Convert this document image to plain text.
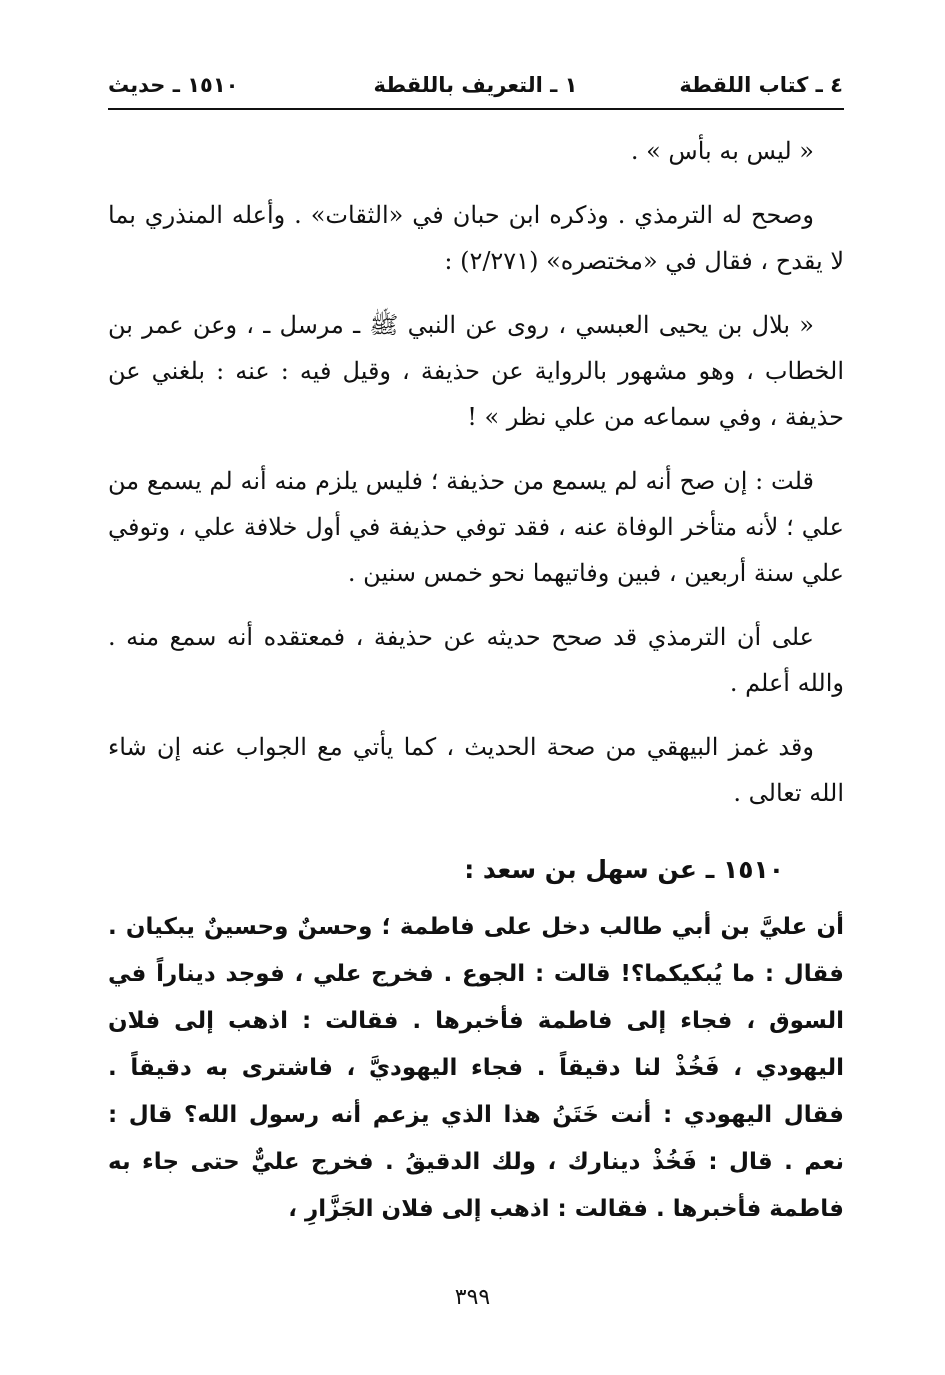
٤ ـ كتاب اللقطة
١ ـ التعريف باللقطة
١٥١٠ ـ حديث

« ليس به بأس » .

وصحح له الترمذي . وذكره ابن حبان في «الثقات» . وأعله المنذري بما لا يقدح ، فقال في «مختصره» (٢/٢٧١) :

« بلال بن يحيى العبسي ، روى عن النبي ﷺ ـ مرسل ـ ، وعن عمر بن الخطاب ، وهو مشهور بالرواية عن حذيفة ، وقيل فيه : عنه : بلغني عن حذيفة ، وفي سماعه من علي نظر » !

قلت : إن صح أنه لم يسمع من حذيفة ؛ فليس يلزم منه أنه لم يسمع من علي ؛ لأنه متأخر الوفاة عنه ، فقد توفي حذيفة في أول خلافة علي ، وتوفي علي سنة أربعين ، فبين وفاتيهما نحو خمس سنين .

على أن الترمذي قد صحح حديثه عن حذيفة ، فمعتقده أنه سمع منه . والله أعلم .

وقد غمز البيهقي من صحة الحديث ، كما يأتي مع الجواب عنه إن شاء الله تعالى .

١٥١٠ ـ عن سهل بن سعد :

أن عليَّ بن أبي طالب دخل على فاطمة ؛ وحسنٌ وحسينٌ يبكيان . فقال : ما يُبكيكما؟! قالت : الجوع . فخرج علي ، فوجد ديناراً في السوق ، فجاء إلى فاطمة فأخبرها . فقالت : اذهب إلى فلان اليهودي ، فَخُذْ لنا دقيقاً . فجاء اليهوديَّ ، فاشترى به دقيقاً . فقال اليهودي : أنت خَتَنُ هذا الذي يزعم أنه رسول الله؟ قال : نعم . قال : فَخُذْ دينارك ، ولك الدقيقُ . فخرج عليٌّ حتى جاء به فاطمة فأخبرها . فقالت : اذهب إلى فلان الجَزَّارِ ،

٣٩٩
